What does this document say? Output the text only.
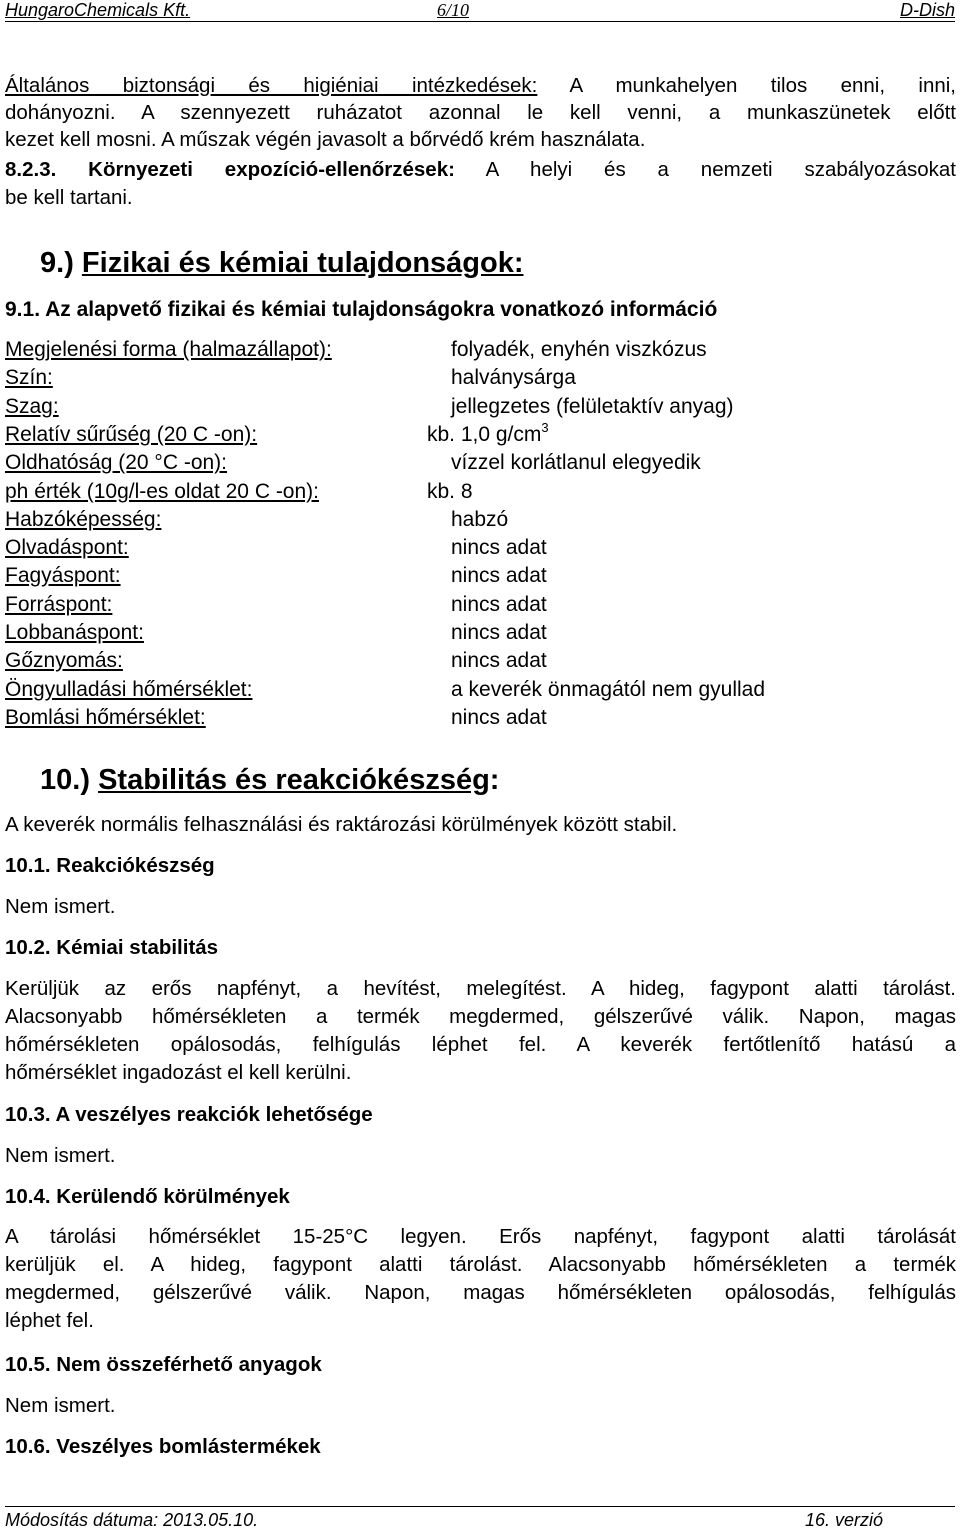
HungaroChemicals Kft.	6/10	D-Dish
Általános biztonsági és higiéniai intézkedések: A munkahelyen tilos enni, inni,
dohányozni. A szennyezett ruházatot azonnal le kell venni, a munkaszünetek előtt
kezet kell mosni. A műszak végén javasolt a bőrvédő krém használata.
8.2.3. Környezeti expozíció-ellenőrzések: A helyi és a nemzeti szabályozásokat
be kell tartani.
9.) Fizikai és kémiai tulajdonságok:
9.1. Az alapvető fizikai és kémiai tulajdonságokra vonatkozó információ
Megjelenési forma (halmazállapot):	folyadék, enyhén viszkózus
Szín:	halványsárga
Szag:	jellegzetes (felületaktív anyag)
Relatív sűrűség (20 C -on):	kb. 1,0 $g/cm^3$
Oldhatóság (20 °C -on):	vízzel korlátlanul elegyedik
ph érték (10g/l-es oldat 20 C -on):	kb. 8
Habzóképesség:	habzó
Olvadáspont:	nincs adat
Fagyáspont:	nincs adat
Forráspont:	nincs adat
Lobbanáspont:	nincs adat
Gőznyomás:	nincs adat
Öngyulladási hőmérséklet:	a keverék önmagától nem gyullad
Bomlási hőmérséklet:	nincs adat
10.) Stabilitás és reakciókészség:
A keverék normális felhasználási és raktározási körülmények között stabil.
10.1. Reakciókészség
Nem ismert.
10.2. Kémiai stabilitás
Kerüljük az erős napfényt, a hevítést, melegítést. A hideg, fagypont alatti tárolást.
Alacsonyabb hőmérsékleten a termék megdermed, gélszerűvé válik. Napon, magas
hőmérsékleten opálosodás, felhígulás léphet fel. A keverék fertőtlenítő hatású a
hőmérséklet ingadozást el kell kerülni.
10.3. A veszélyes reakciók lehetősége
Nem ismert.
10.4. Kerülendő körülmények
A tárolási hőmérséklet 15-25°C legyen. Erős napfényt, fagypont alatti tárolását
kerüljük el. A hideg, fagypont alatti tárolást. Alacsonyabb hőmérsékleten a termék
megdermed, gélszerűvé válik. Napon, magas hőmérsékleten opálosodás, felhígulás
léphet fel.
10.5. Nem összeférhető anyagok
Nem ismert.
10.6. Veszélyes bomlástermékek
Módosítás dátuma: 2013.05.10.	16. verzió
